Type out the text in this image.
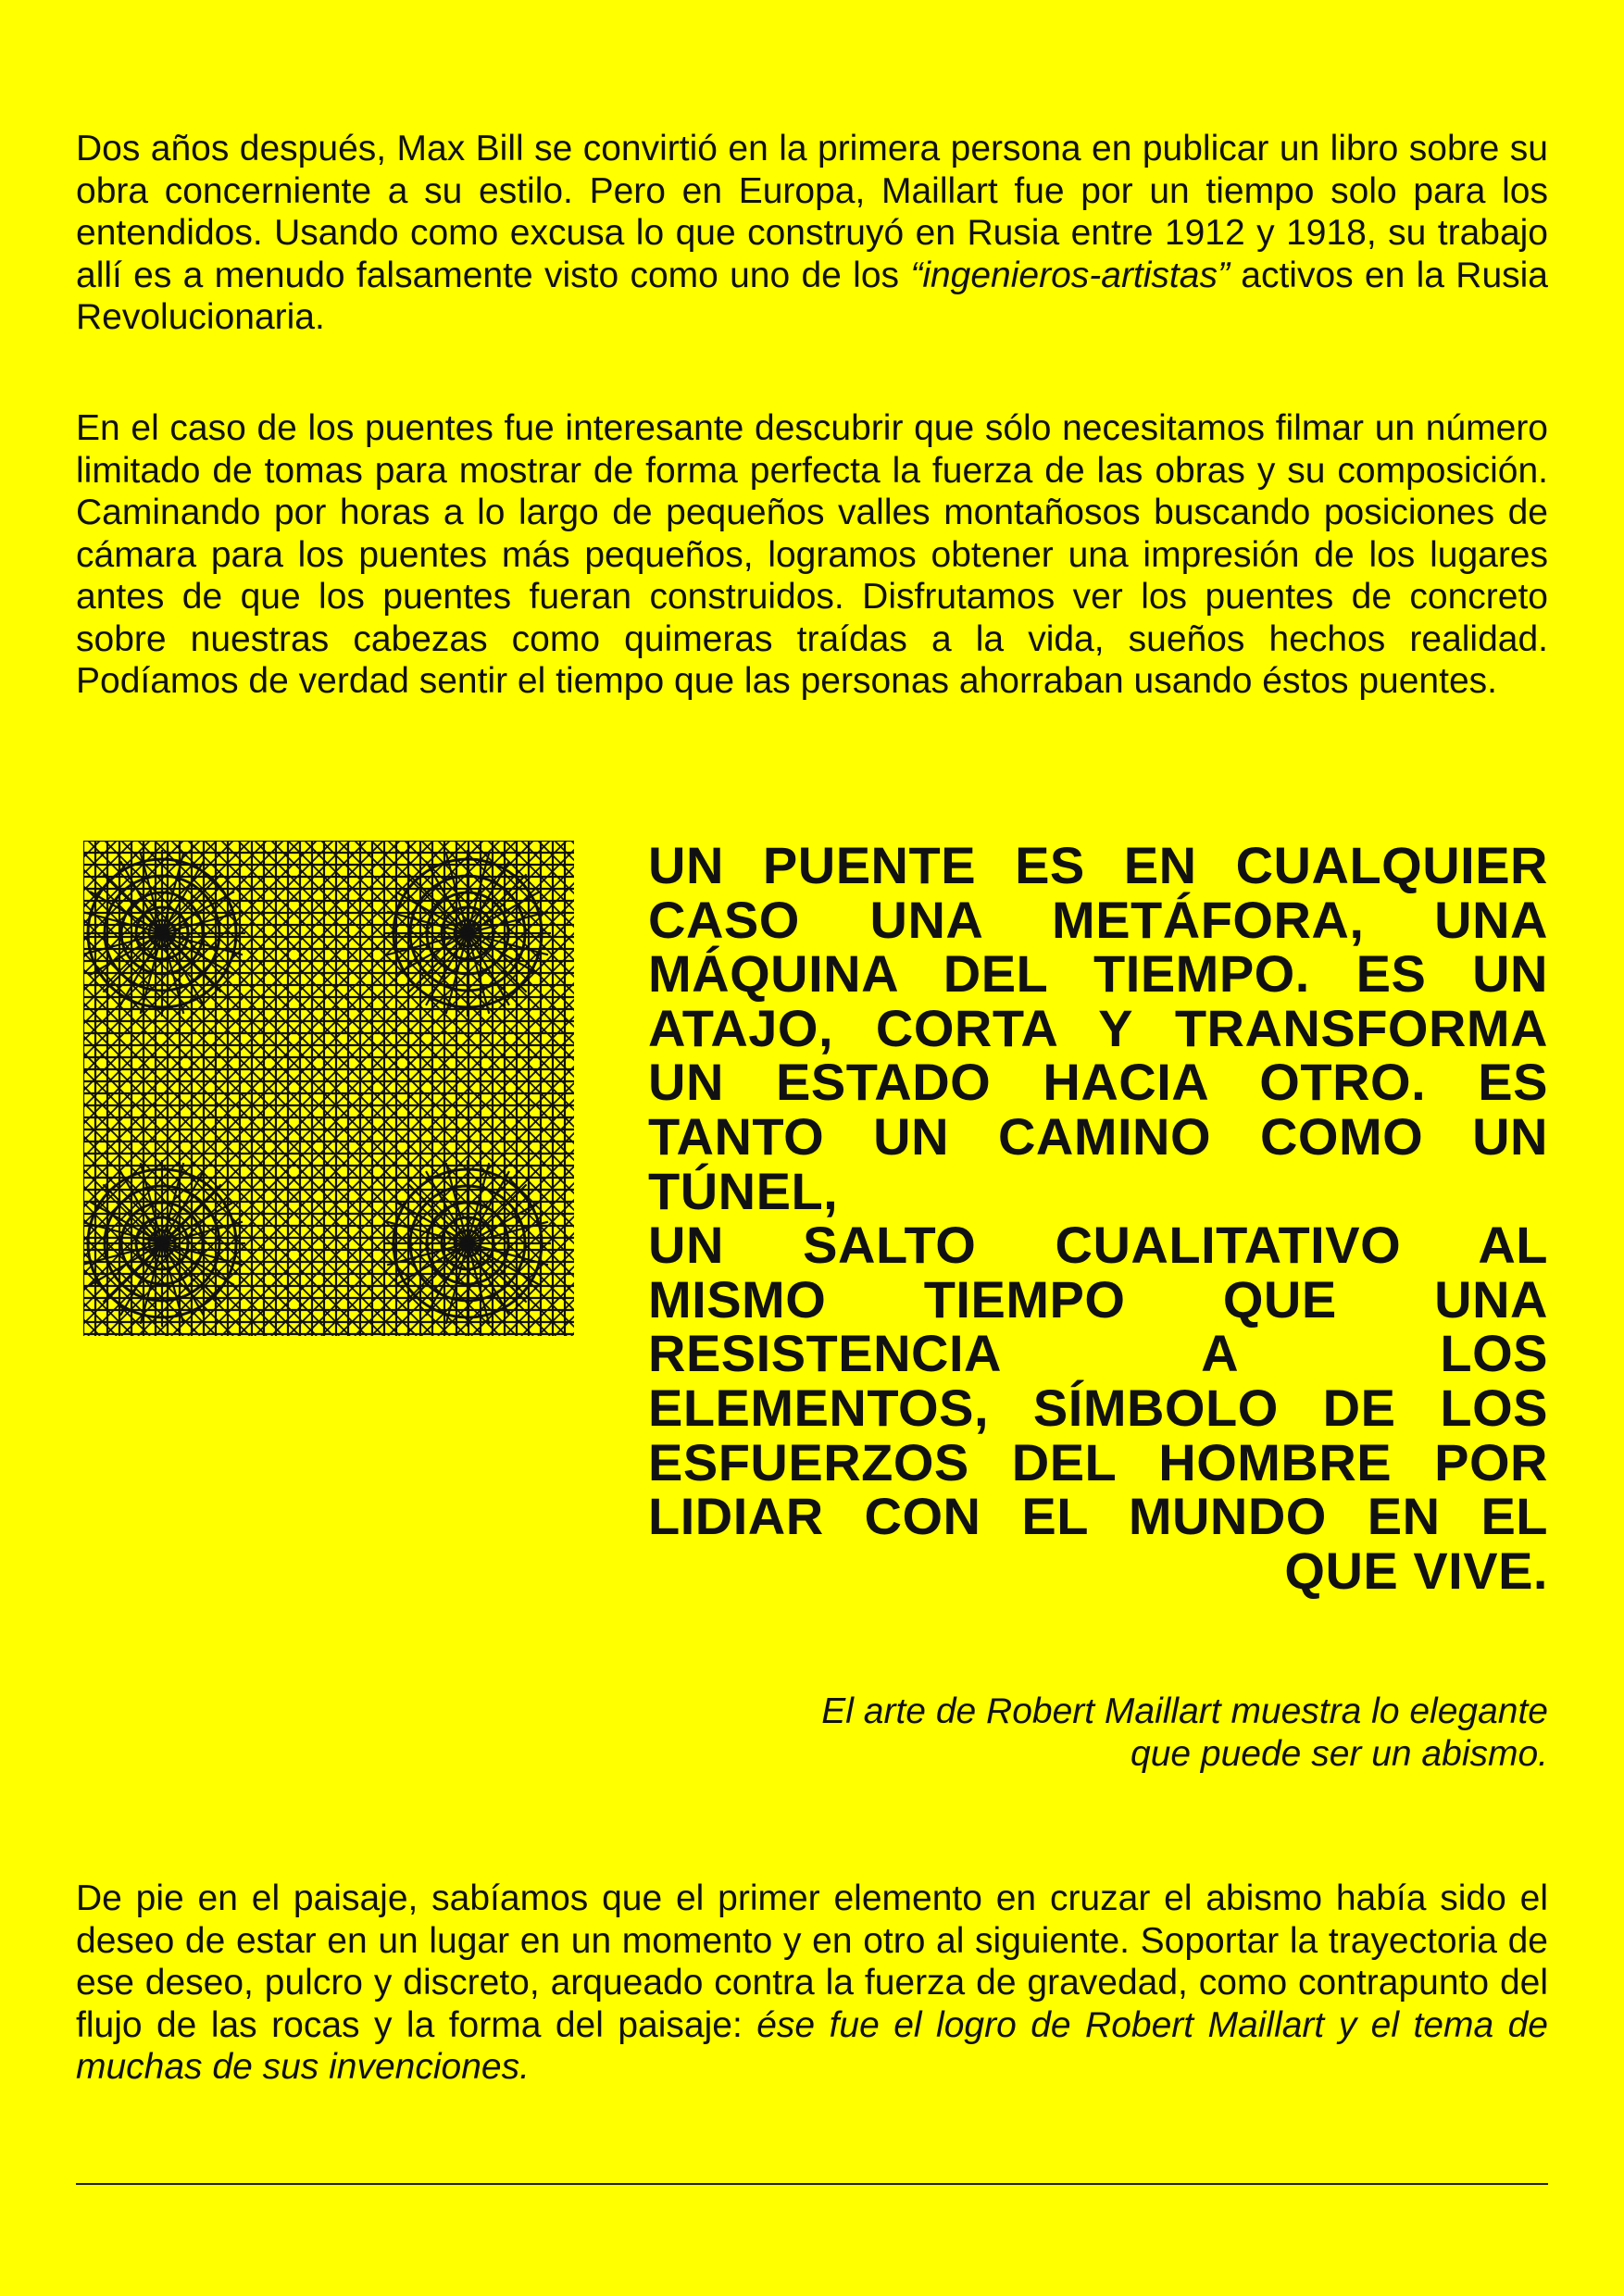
Dos años después, Max Bill se convirtió en la primera persona en publicar un libro sobre su obra concerniente a su estilo. Pero en Europa, Maillart fue por un tiempo solo para los entendidos. Usando como excusa lo que construyó en Rusia entre 1912 y 1918, su trabajo allí es a menudo falsamente visto como uno de los “ingenieros-artistas” activos en la Rusia Revolucionaria.

En el caso de los puentes fue interesante descubrir que sólo necesitamos filmar un número limitado de tomas para mostrar de forma perfecta la fuerza de las obras y su composición. Caminando por horas a lo largo de pequeños valles montañosos buscando posiciones de cámara para los puentes más pequeños, logramos obtener una impresión de los lugares antes de que los puentes fueran construidos. Disfrutamos ver los puentes de concreto sobre nuestras cabezas como quimeras traídas a la vida, sueños hechos realidad. Podíamos de verdad sentir el tiempo que las personas ahorraban usando éstos puentes.

UN PUENTE ES EN CUALQUIER
CASO UNA METÁFORA, UNA
MÁQUINA DEL TIEMPO. ES UN
ATAJO, CORTA Y TRANSFORMA
UN ESTADO HACIA OTRO. ES
TANTO UN CAMINO COMO UN
TÚNEL,
UN SALTO CUALITATIVO AL
MISMO TIEMPO QUE UNA
RESISTENCIA A LOS
ELEMENTOS, SÍMBOLO DE LOS
ESFUERZOS DEL HOMBRE POR
LIDIAR CON EL MUNDO EN EL
QUE VIVE.

El arte de Robert Maillart muestra lo elegante
que puede ser un abismo.

De pie en el paisaje, sabíamos que el primer elemento en cruzar el abismo había sido el deseo de estar en un lugar en un momento y en otro al siguiente. Soportar la trayectoria de ese deseo, pulcro y discreto, arqueado contra la fuerza de gravedad, como contrapunto del flujo de las rocas y la forma del paisaje: ése fue el logro de Robert Maillart y el tema de muchas de sus invenciones.
